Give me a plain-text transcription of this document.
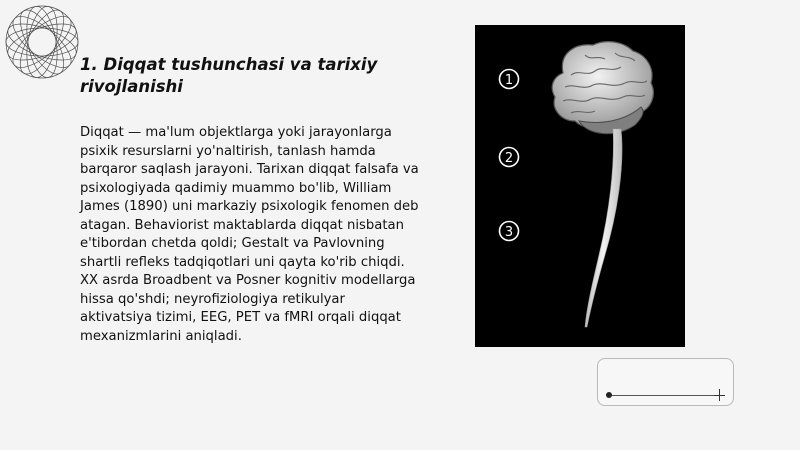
1. Diqqat tushunchasi va tarixiy rivojlanishi

Diqqat — ma'lum objektlarga yoki jarayonlarga psixik resurslarni yo'naltirish, tanlash hamda barqaror saqlash jarayoni. Tarixan diqqat falsafa va psixologiyada qadimiy muammo bo'lib, William James (1890) uni markaziy psixologik fenomen deb atagan. Behaviorist maktablarda diqqat nisbatan e'tibordan chetda qoldi; Gestalt va Pavlovning shartli refleks tadqiqotlari uni qayta ko'rib chiqdi. XX asrda Broadbent va Posner kognitiv modellarga hissa qo'shdi; neyrofiziologiya retikulyar aktivatsiya tizimi, EEG, PET va fMRI orqali diqqat mexanizmlarini aniqladi.

1
2
3
